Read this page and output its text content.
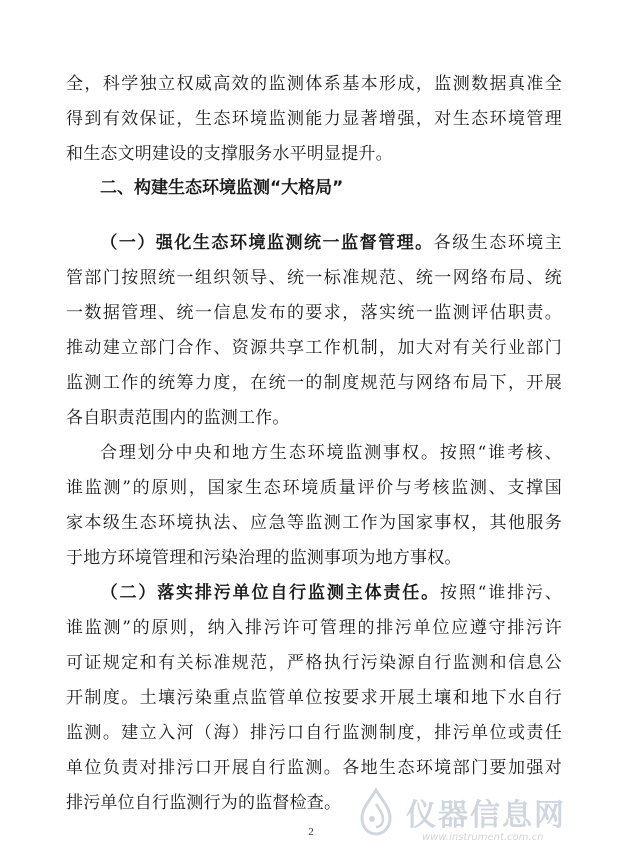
全，科学独立权威高效的监测体系基本形成，监测数据真准全
得到有效保证，生态环境监测能力显著增强，对生态环境管理
和生态文明建设的支撑服务水平明显提升。
二、构建生态环境监测“大格局”
（一）强化生态环境监测统一监督管理。各级生态环境主
管部门按照统一组织领导、统一标准规范、统一网络布局、统
一数据管理、统一信息发布的要求，落实统一监测评估职责。
推动建立部门合作、资源共享工作机制，加大对有关行业部门
监测工作的统筹力度，在统一的制度规范与网络布局下，开展
各自职责范围内的监测工作。
合理划分中央和地方生态环境监测事权。按照“谁考核、
谁监测”的原则，国家生态环境质量评价与考核监测、支撑国
家本级生态环境执法、应急等监测工作为国家事权，其他服务
于地方环境管理和污染治理的监测事项为地方事权。
（二）落实排污单位自行监测主体责任。按照“谁排污、
谁监测”的原则，纳入排污许可管理的排污单位应遵守排污许
可证规定和有关标准规范，严格执行污染源自行监测和信息公
开制度。土壤污染重点监管单位按要求开展土壤和地下水自行
监测。建立入河（海）排污口自行监测制度，排污单位或责任
单位负责对排污口开展自行监测。各地生态环境部门要加强对
排污单位自行监测行为的监督检查。
2	仪器信息网
www.instrument.com.cn
